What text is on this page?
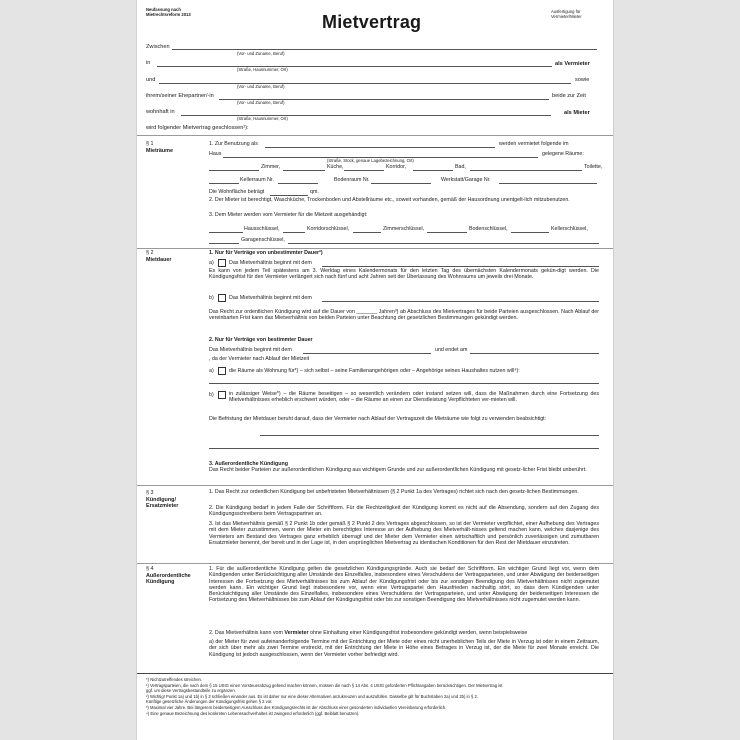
Neufassung nach
Mietrechtsreform 2013	Mietvertrag
Ausfertigung für
Vermieter/Mieter
Zwischen
(Vor- und Zuname, Beruf)
in	als Vermieter
(Straße, Hausnummer, Ort)
und	sowie
(Vor- und Zuname, Beruf)
ihrem/seiner Ehepartner/-in	beide zur Zeit
(Vor- und Zuname, Beruf)
wohnhaft in	als Mieter
(Straße, Hausnummer, Ort)
wird folgender Mietvertrag geschlossen¹):
§ 1
Mieträume
1. Zur Benutzung als	werden vermietet folgende im
Haus	gelegene Räume:
(Straße, Stock, genaue Lagebezeichnung, Ort)
Zimmer,	Küche,	Korridor,	Bad,	Toilette,
Kellerraum Nr.	Bodenraum Nr.	Werkstatt/Garage Nr.
Die Wohnfläche beträgt	qm.
2. Der Mieter ist berechtigt, Waschküche, Trockenboden und Abstellräume etc., soweit vorhanden, gemäß der Hausordnung unentgelt-lich mitzubenutzen.
3. Dem Mieter werden vom Vermieter für die Mietzeit ausgehändigt:
Hausschlüssel,	Korridorschlüssel,	Zimmerschlüssel,	Bodenschlüssel,	Kellerschlüssel,
Garagenschlüssel,
§ 2
Mietdauer
1. Nur für Verträge von unbestimmter Dauer²)
a)	Das Mietverhältnis beginnt mit dem
Es kann von jedem Teil spätestens am 3. Werktag eines Kalendermonats für den letzten Tag des übernächsten Kalendermonats gekün-digt werden. Die Kündigungsfrist für den Vermieter verlängert sich nach fünf und acht Jahren seit der Überlassung des Wohnraums um jeweils drei Monate.
b)	Das Mietverhältnis beginnt mit dem
Das Recht zur ordentlichen Kündigung wird auf die Dauer von _______ Jahren³) ab Abschluss des Mietvertrages für beide Parteien ausgeschlossen. Nach Ablauf der vereinbarten Frist kann das Mietverhältnis von beiden Parteien unter Beachtung der gesetzlichen Bestimmungen gekündigt werden.
2. Nur für Verträge von bestimmter Dauer
Das Mietverhältnis beginnt mit dem	und endet am
, da der Vermieter nach Ablauf der Mietzeit
a)	die Räume als Wohnung für*) – sich selbst – seine Familienangehörigen oder – Angehörige seines Haushaltes nutzen will⁴):
b)	in zulässiger Weise*) – die Räume beseitigen – so wesentlich verändern oder instand setzen will, dass die Maßnahmen durch eine Fortsetzung des Mietverhältnisses erheblich erschwert würden, oder – die Räume an einen zur Dienstleistung Verpflichteten ver-mieten will.
Die Befristung der Mietdauer beruht darauf, dass der Vermieter nach Ablauf der Vertragszeit die Mieträume wie folgt zu verwenden beabsichtigt:
3. Außerordentliche Kündigung
Das Recht beider Parteien zur außerordentlichen Kündigung aus wichtigem Grunde und zur außerordentlichen Kündigung mit gesetz-licher Frist bleibt unberührt.
§ 3
Kündigung/
Ersatzmieter
1. Das Recht zur ordentlichen Kündigung bei unbefristeten Mietverhältnissen (§ 2 Punkt 1a des Vertrages) richtet sich nach den gesetz-lichen Bestimmungen.
2. Die Kündigung bedarf in jedem Falle der Schriftform. Für die Rechtzeitigkeit der Kündigung kommt es nicht auf die Absendung, sondern auf den Zugang des Kündigungsschreibens beim Vertragspartner an.
3. Ist das Mietverhältnis gemäß § 2 Punkt 1b oder gemäß § 2 Punkt 2 des Vertrages abgeschlossen, so ist der Vermieter verpflichtet, einer Aufhebung des Vertrages mit dem Mieter zuzustimmen, wenn der Mieter ein berechtigtes Interesse an der Aufhebung des Mietverhält-nisses geltend machen kann, welches dasjenige des Vermieters am Bestand des Vertrages ganz erheblich überragt und der Mieter dem Vermieter einen wirtschaftlich und persönlich zuverlässigen und zumutbaren Ersatzmieter benennt, der bereit und in der Lage ist, in den ursprünglichen Mietvertrag zu identischen Konditionen für den Rest der Mietdauer einzutreten.
§ 4
Außerordentliche
Kündigung
1. Für die außerordentliche Kündigung gelten die gesetzlichen Kündigungsgründe. Auch sie bedarf der Schriftform. Ein wichtiger Grund liegt vor, wenn dem Kündigenden unter Berücksichtigung aller Umstände des Einzelfalles, insbesondere eines Verschuldens der Vertragsparteien, und unter Abwägung der beiderseitigen Interessen die Fortsetzung des Mietverhältnisses bis zum Ablauf der Kündigungsfrist oder bis zur sonstigen Beendigung des Mietverhältnisses nicht zugemutet werden kann. Ein wichtiger Grund liegt insbesondere vor, wenn eine Vertragspartei den Hausfrieden nachhaltig stört, so dass dem Kündigenden unter Berücksichtigung aller Umstände des Einzelfalles, insbesondere eines Verschuldens der Vertragsparteien, und unter Abwägung der beiderseitigen Interessen die Fortsetzung des Mietverhältnisses bis zum Ablauf der Kündigungsfrist oder bis zur sonstigen Beendigung des Mietverhältnisses nicht zugemutet werden kann.
2. Das Mietverhältnis kann vom Vermieter ohne Einhaltung einer Kündigungsfrist insbesondere gekündigt werden, wenn beispielsweise
a) der Mieter für zwei aufeinanderfolgende Termine mit der Entrichtung der Miete oder eines nicht unerheblichen Teils der Miete in Verzug ist oder in einem Zeitraum, der sich über mehr als zwei Termine erstreckt, mit der Entrichtung der Miete in Höhe eines Betrages in Verzug ist, der die Miete für zwei Monate erreicht. Die Kündigung ist jedoch ausgeschlossen, wenn der Vermieter vorher befriedigt wird.
*) Nichtzutreffendes streichen.
¹) Vertragsparteien, die nach dem § 15 USIG einen Vorsteuerabzug geltend machen können, müssen die nach § 14 Abs. 4 USIG geforderten Pflichtangaben berücksichtigen. Der Mietvertrag ist
ggf. um diese Vertragsbestandteile zu ergänzen.
²) Wichtig! Punkt 1a) und 1b) in § 2 schließen einander aus. Es ist daher nur eine dieser Alternativen anzukreuzen und auszufüllen. Dasselbe gilt für Buchstaben 2a) und 2b) in § 2.
Künftige gesetzliche Änderungen der Kündigungsfrist gehen § 2 vor.
³) Maximal vier Jahre. Bei längerem beiderseitigem Ausschluss des Kündigungsrechts ist der Abschluss einer gesonderten individuellen Vereinbarung erforderlich.
⁴) Eine genaue Bezeichnung des konkreten Lebenssachverhaltes ist zwingend erforderlich (ggf. Beiblatt benutzen).
